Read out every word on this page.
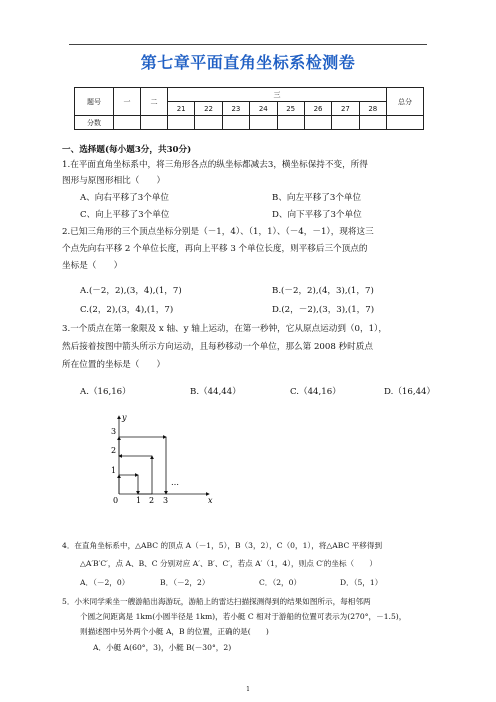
第七章平面直角坐标系检测卷
题号	一	二	三								总分
			21	22	23	24	25	26	27	28	
分数											
一、选择题(每小题3分，共30分)
1.在平面直角坐标系中，将三角形各点的纵坐标都减去3，横坐标保持不变，所得
图形与原图形相比（　　）
A、向右平移了3个单位	B、向左平移了3个单位
C、向上平移了3个单位	D、向下平移了3个单位
2.已知三角形的三个顶点坐标分别是（－1，4）、（1，1）、（－4，－1），现将这三
个点先向右平移 2 个单位长度，再向上平移 3 个单位长度，则平移后三个顶点的
坐标是（　　）
A.(－2，2),(3，4),(1，7)	B.(－2，2),(4，3),(1，7)
C.(2，2),(3，4),(1，7)	D.(2，－2),(3，3),(1，7)
3.一个质点在第一象限及 x 轴、y 轴上运动，在第一秒钟，它从原点运动到（0，1），
然后接着按图中箭头所示方向运动，且每秒移动一个单位，那么第 2008 秒时质点
所在位置的坐标是（　　）
A.（16,16）	B.（44,44）	C.（44,16）	D.（16,44）
y
x
0
1
2
3
1 2 3
…
4．在直角坐标系中，△ABC 的顶点 A（－1，5），B（3，2），C（0，1），将△ABC 平移得到
△A′B′C′，点 A、B、C 分别对应 A′、B′、C′，若点 A′（1，4），则点 C′的坐标（　　）
A．（－2，0）	B．（－2，2）	C．（2，0）	D．（5，1）
5．小米同学乘坐一艘游船出海游玩，游船上的雷达扫描探测得到的结果如图所示，每相邻两
个圆之间距离是 1km(小圆半径是 1km)，若小艇 C 相对于游船的位置可表示为(270°，－1.5)，
则描述图中另外两个小艇 A，B 的位置，正确的是(　　)
A．小艇 A(60°，3)，小艇 B(－30°，2)
1
